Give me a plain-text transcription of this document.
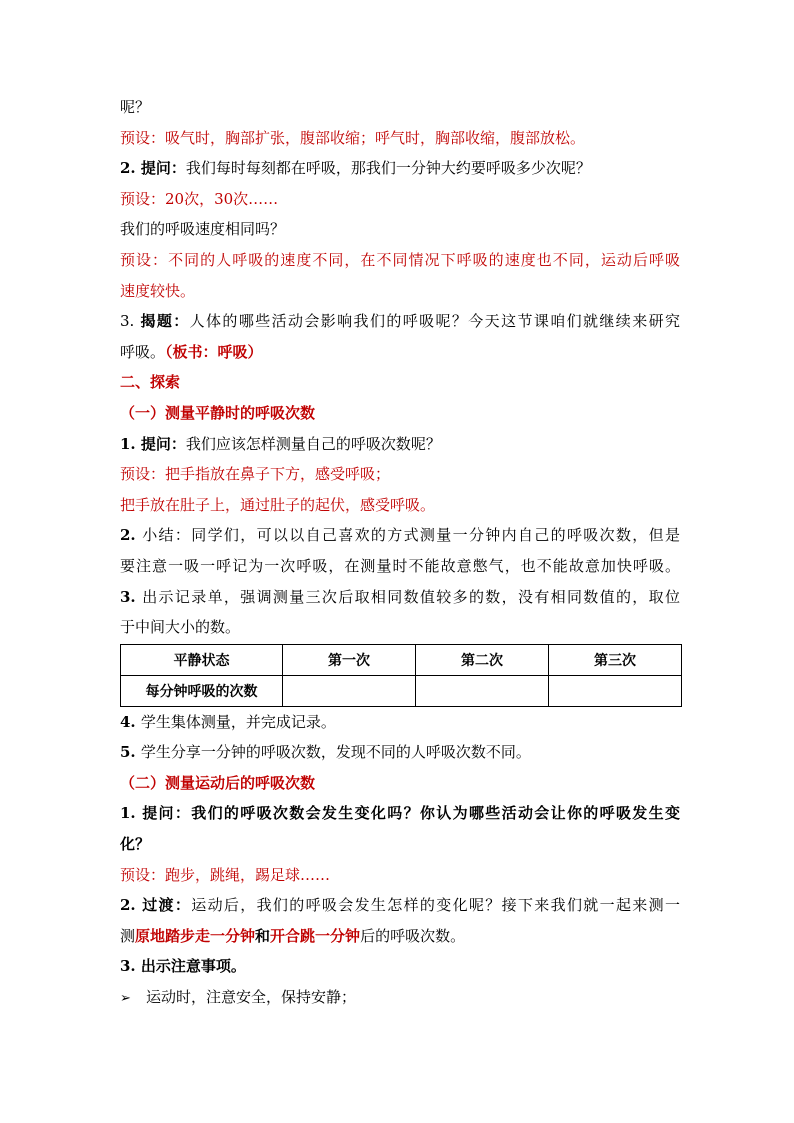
呢？
预设：吸气时，胸部扩张，腹部收缩；呼气时，胸部收缩，腹部放松。
2. 提问：我们每时每刻都在呼吸，那我们一分钟大约要呼吸多少次呢？
预设：20次，30次……
我们的呼吸速度相同吗？
预设：不同的人呼吸的速度不同，在不同情况下呼吸的速度也不同，运动后呼吸
速度较快。
3. 揭题：人体的哪些活动会影响我们的呼吸呢？今天这节课咱们就继续来研究
呼吸。（板书：呼吸）
二、探索
（一）测量平静时的呼吸次数
1. 提问：我们应该怎样测量自己的呼吸次数呢？
预设：把手指放在鼻子下方，感受呼吸；
把手放在肚子上，通过肚子的起伏，感受呼吸。
2. 小结：同学们，可以以自己喜欢的方式测量一分钟内自己的呼吸次数，但是
要注意一吸一呼记为一次呼吸，在测量时不能故意憋气，也不能故意加快呼吸。
3. 出示记录单，强调测量三次后取相同数值较多的数，没有相同数值的，取位
于中间大小的数。
平静状态	第一次	第二次	第三次
每分钟呼吸的次数			
4. 学生集体测量，并完成记录。
5. 学生分享一分钟的呼吸次数，发现不同的人呼吸次数不同。
（二）测量运动后的呼吸次数
1. 提问：我们的呼吸次数会发生变化吗？你认为哪些活动会让你的呼吸发生变
化？
预设：跑步，跳绳，踢足球……
2. 过渡：运动后，我们的呼吸会发生怎样的变化呢？接下来我们就一起来测一
测原地踏步走一分钟和开合跳一分钟后的呼吸次数。
3. 出示注意事项。
➢ 运动时，注意安全，保持安静；
